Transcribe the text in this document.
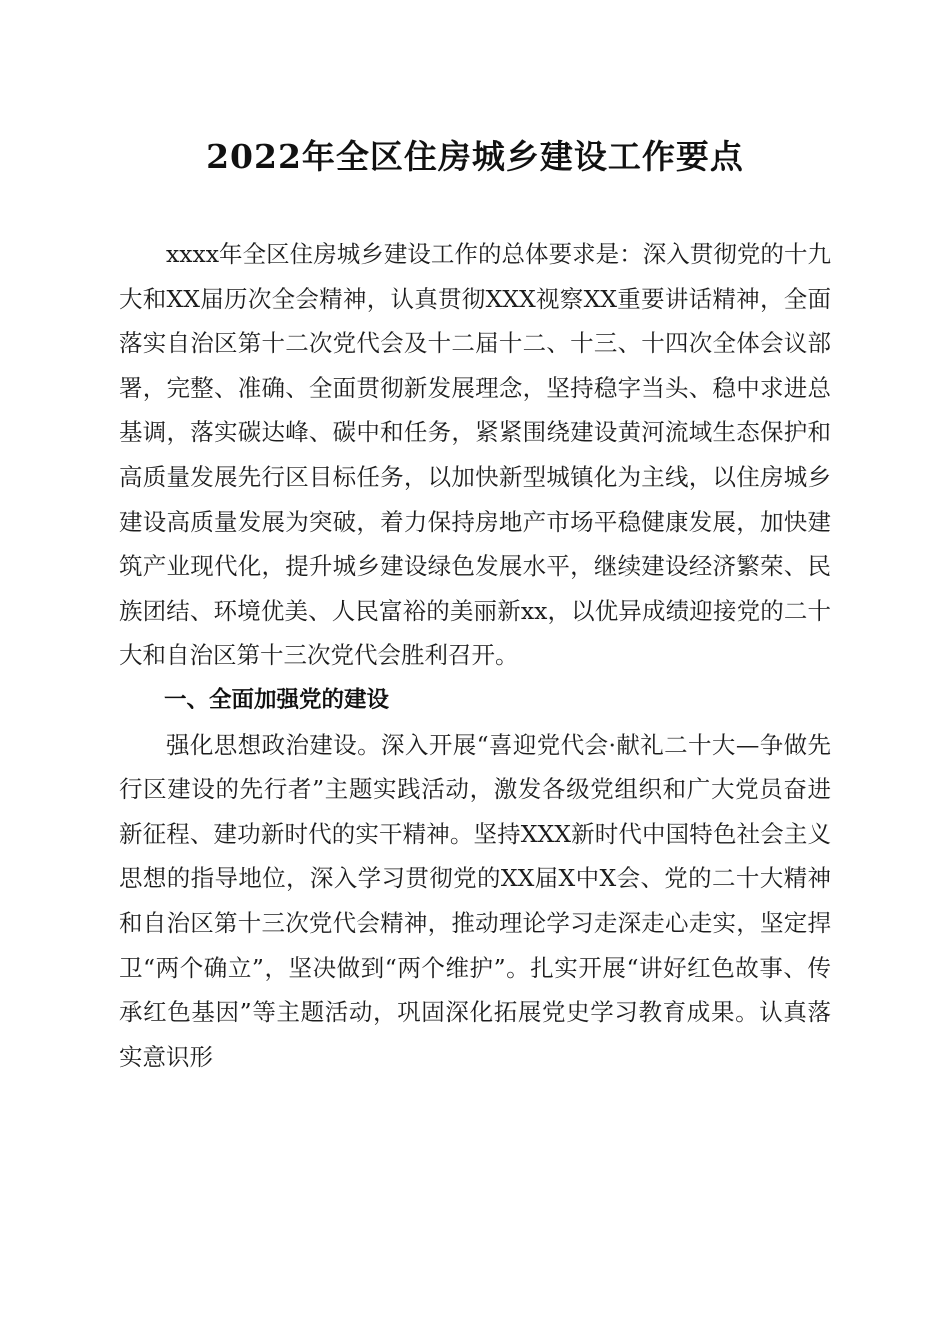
2022年全区住房城乡建设工作要点

xxxx年全区住房城乡建设工作的总体要求是：深入贯彻党的十九大和XX届历次全会精神，认真贯彻XXX视察XX重要讲话精神，全面落实自治区第十二次党代会及十二届十二、十三、十四次全体会议部署，完整、准确、全面贯彻新发展理念，坚持稳字当头、稳中求进总基调，落实碳达峰、碳中和任务，紧紧围绕建设黄河流域生态保护和高质量发展先行区目标任务，以加快新型城镇化为主线，以住房城乡建设高质量发展为突破，着力保持房地产市场平稳健康发展，加快建筑产业现代化，提升城乡建设绿色发展水平，继续建设经济繁荣、民族团结、环境优美、人民富裕的美丽新xx，以优异成绩迎接党的二十大和自治区第十三次党代会胜利召开。

一、全面加强党的建设

强化思想政治建设。深入开展“喜迎党代会·献礼二十大—争做先行区建设的先行者”主题实践活动，激发各级党组织和广大党员奋进新征程、建功新时代的实干精神。坚持XXX新时代中国特色社会主义思想的指导地位，深入学习贯彻党的XX届X中X会、党的二十大精神和自治区第十三次党代会精神，推动理论学习走深走心走实，坚定捍卫“两个确立”，坚决做到“两个维护”。扎实开展“讲好红色故事、传承红色基因”等主题活动，巩固深化拓展党史学习教育成果。认真落实意识形
